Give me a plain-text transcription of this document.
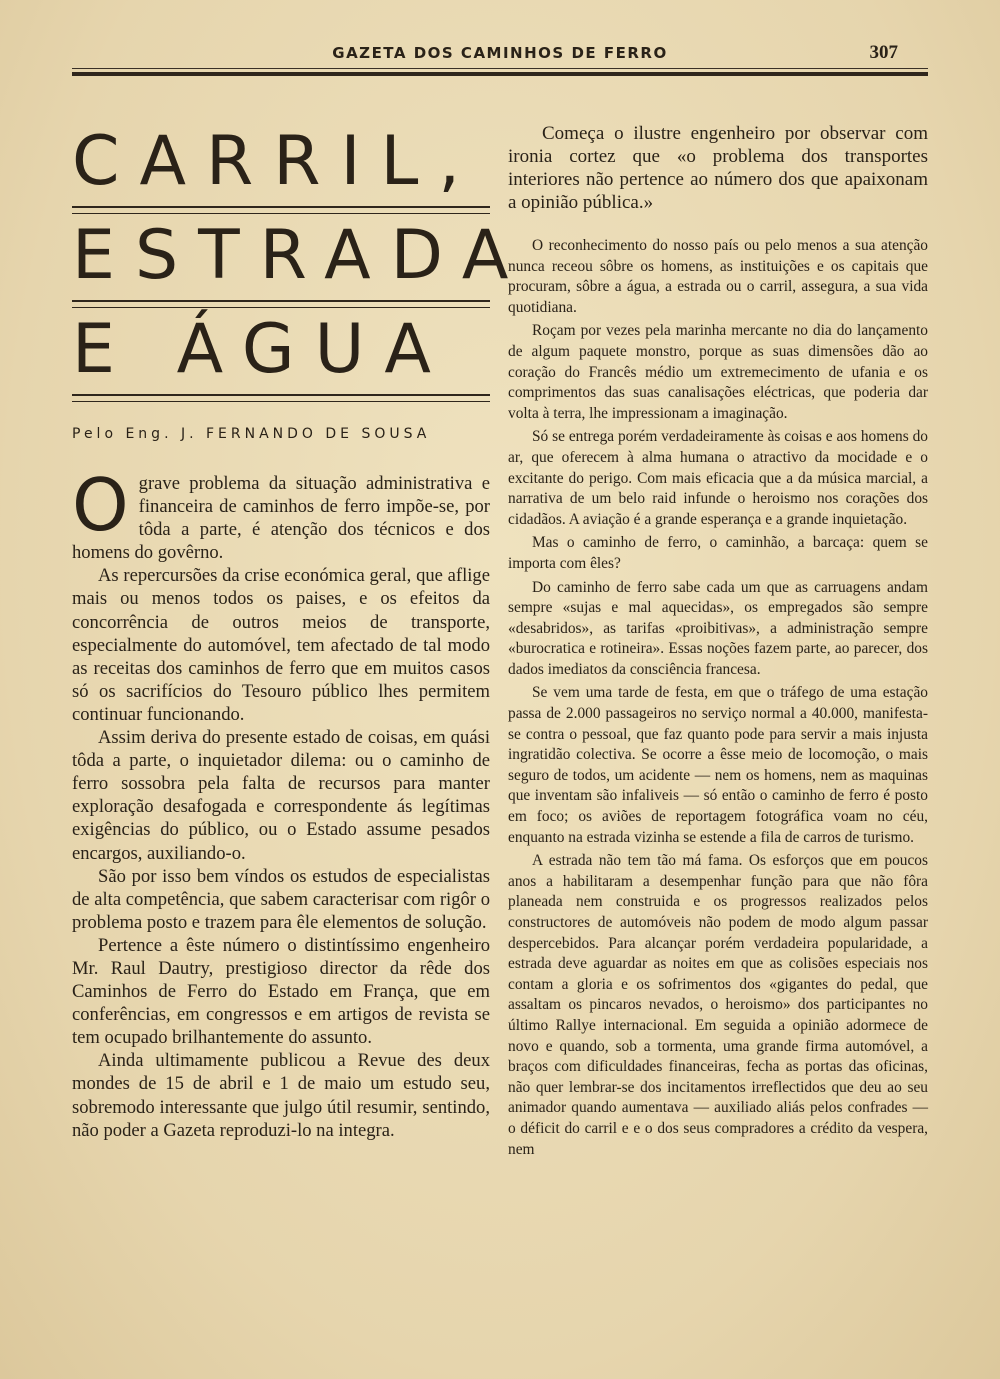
GAZETA DOS CAMINHOS DE FERRO	307
CARRIL,
ESTRADA
E ÁGUA
Pelo Eng. J. FERNANDO DE SOUSA

Ograve problema da situação administrativa e financeira de caminhos de ferro impõe-se, por tôda a parte, é atenção dos técnicos e dos homens do govêrno.

As repercursões da crise económica geral, que aflige mais ou menos todos os paises, e os efeitos da concorrência de outros meios de transporte, especialmente do automóvel, tem afectado de tal modo as receitas dos caminhos de ferro que em muitos casos só os sacrifícios do Tesouro público lhes permitem continuar funcionando.

Assim deriva do presente estado de coisas, em quási tôda a parte, o inquietador dilema: ou o caminho de ferro sossobra pela falta de recursos para manter exploração desafogada e correspondente ás legítimas exigências do público, ou o Estado assume pesados encargos, auxiliando-o.

São por isso bem víndos os estudos de especialistas de alta competência, que sabem caracterisar com rigôr o problema posto e trazem para êle elementos de solução.

Pertence a êste número o distintíssimo engenheiro Mr. Raul Dautry, prestigioso director da rêde dos Caminhos de Ferro do Estado em França, que em conferências, em congressos e em artigos de revista se tem ocupado brilhantemente do assunto.

Ainda ultimamente publicou a Revue des deux mondes de 15 de abril e 1 de maio um estudo seu, sobremodo interessante que julgo útil resumir, sentindo, não poder a Gazeta reproduzi-lo na integra.

Começa o ilustre engenheiro por observar com ironia cortez que «o problema dos transportes interiores não pertence ao número dos que apaixonam a opinião pública.»

O reconhecimento do nosso país ou pelo menos a sua atenção nunca receou sôbre os homens, as instituições e os capitais que procuram, sôbre a água, a estrada ou o carril, assegura, a sua vida quotidiana.

Roçam por vezes pela marinha mercante no dia do lançamento de algum paquete monstro, porque as suas dimensões dão ao coração do Francês médio um extremecimento de ufania e os comprimentos das suas canalisações eléctricas, que poderia dar volta à terra, lhe impressionam a imaginação.

Só se entrega porém verdadeiramente às coisas e aos homens do ar, que oferecem à alma humana o atractivo da mocidade e o excitante do perigo. Com mais eficacia que a da música marcial, a narrativa de um belo raid infunde o heroismo nos corações dos cidadãos. A aviação é a grande esperança e a grande inquietação.

Mas o caminho de ferro, o caminhão, a barcaça: quem se importa com êles?

Do caminho de ferro sabe cada um que as carruagens andam sempre «sujas e mal aquecidas», os empregados são sempre «desabridos», as tarifas «proibitivas», a administração sempre «burocratica e rotineira». Essas noções fazem parte, ao parecer, dos dados imediatos da consciência francesa.

Se vem uma tarde de festa, em que o tráfego de uma estação passa de 2.000 passageiros no serviço normal a 40.000, manifesta-se contra o pessoal, que faz quanto pode para servir a mais injusta ingratidão colectiva. Se ocorre a êsse meio de locomoção, o mais seguro de todos, um acidente — nem os homens, nem as maquinas que inventam são infaliveis — só então o caminho de ferro é posto em foco; os aviões de reportagem fotográfica voam no céu, enquanto na estrada vizinha se estende a fila de carros de turismo.

A estrada não tem tão má fama. Os esforços que em poucos anos a habilitaram a desempenhar função para que não fôra planeada nem construida e os progressos realizados pelos constructores de automóveis não podem de modo algum passar despercebidos. Para alcançar porém verdadeira popularidade, a estrada deve aguardar as noites em que as colisões especiais nos contam a gloria e os sofrimentos dos «gigantes do pedal, que assaltam os pincaros nevados, o heroismo» dos participantes no último Rallye internacional. Em seguida a opinião adormece de novo e quando, sob a tormenta, uma grande firma automóvel, a braços com dificuldades financeiras, fecha as portas das oficinas, não quer lembrar-se dos incitamentos irreflectidos que deu ao seu animador quando aumentava — auxiliado aliás pelos confrades — o déficit do carril e e o dos seus compradores a crédito da vespera, nem
